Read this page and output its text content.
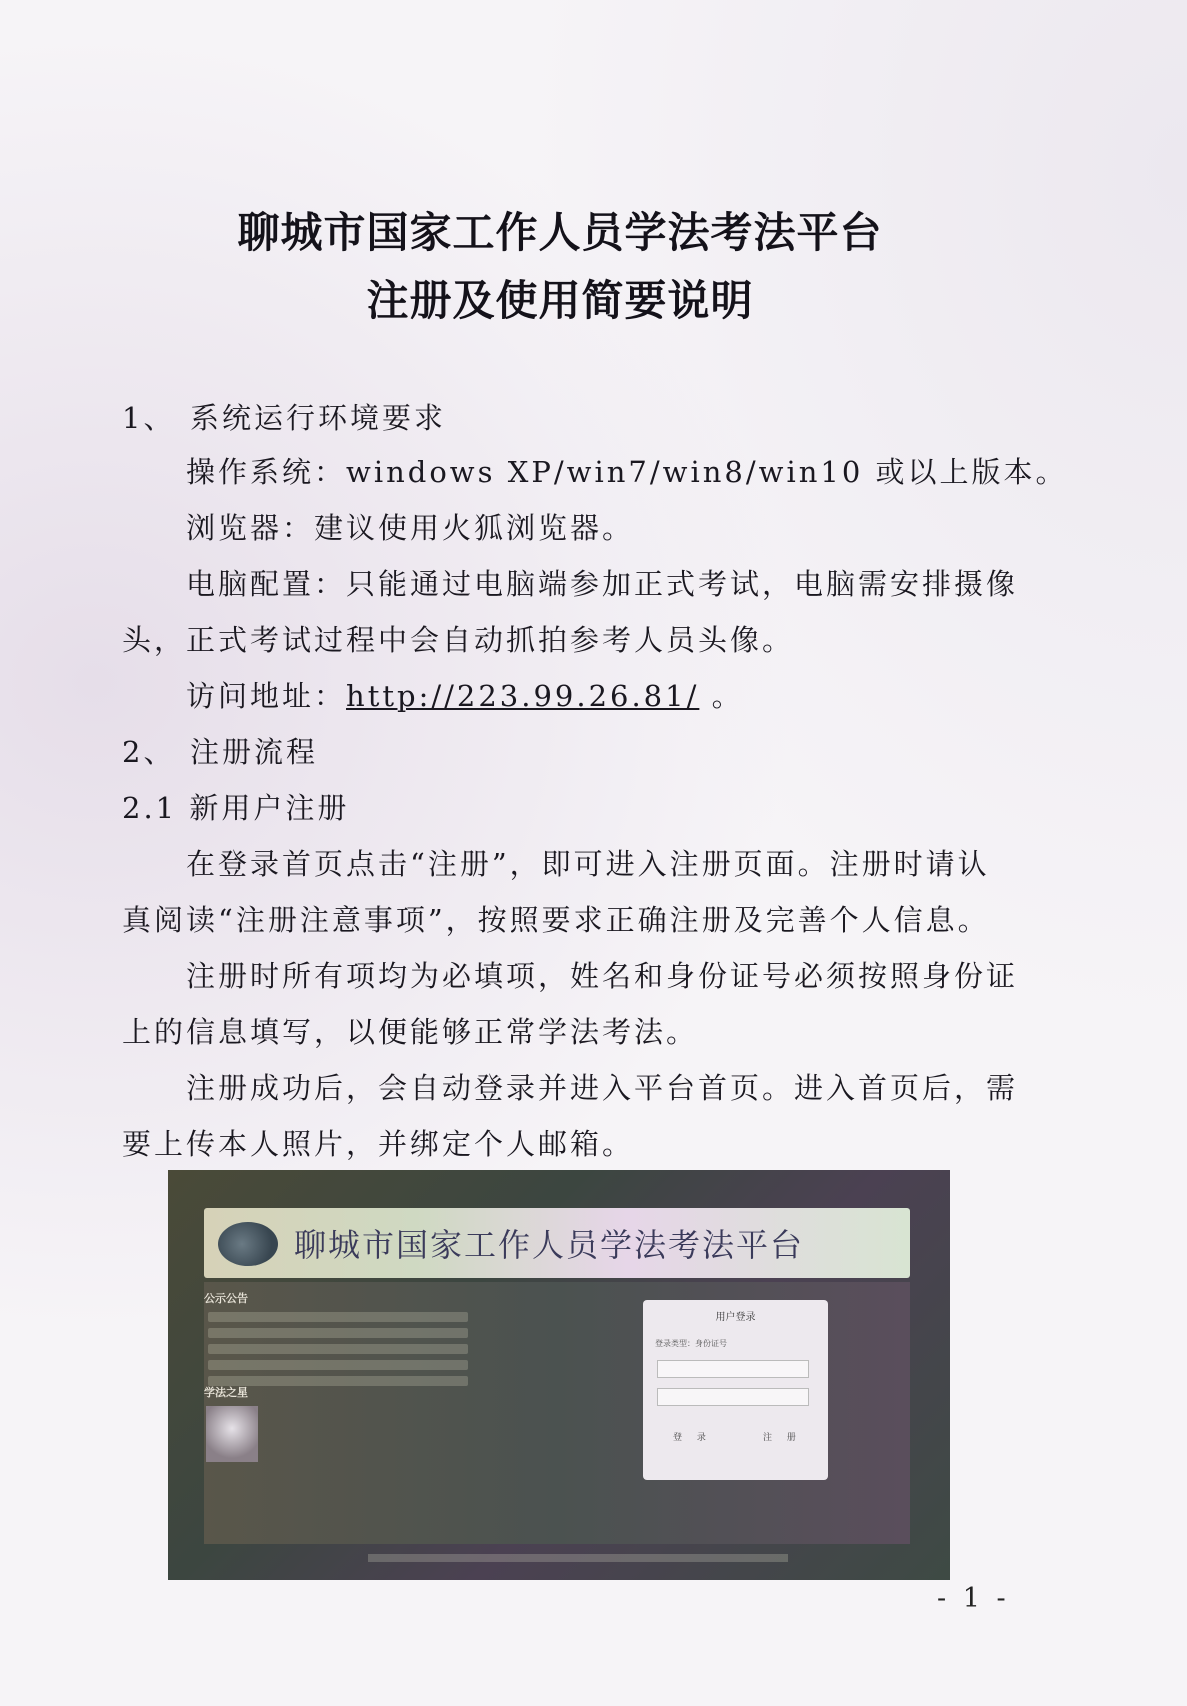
聊城市国家工作人员学法考法平台
注册及使用简要说明
1、 系统运行环境要求
操作系统：windows XP/win7/win8/win10 或以上版本。
浏览器：建议使用火狐浏览器。
电脑配置：只能通过电脑端参加正式考试，电脑需安排摄像
头，正式考试过程中会自动抓拍参考人员头像。
访问地址：http://223.99.26.81/ 。
2、 注册流程
2.1 新用户注册
在登录首页点击“注册”，即可进入注册页面。注册时请认
真阅读“注册注意事项”，按照要求正确注册及完善个人信息。
注册时所有项均为必填项，姓名和身份证号必须按照身份证
上的信息填写，以便能够正常学法考法。
注册成功后，会自动登录并进入平台首页。进入首页后，需
要上传本人照片，并绑定个人邮箱。
聊城市国家工作人员学法考法平台
公示公告
学法之星
用户登录
登录类型：身份证号
登 录	注 册
- 1 -
